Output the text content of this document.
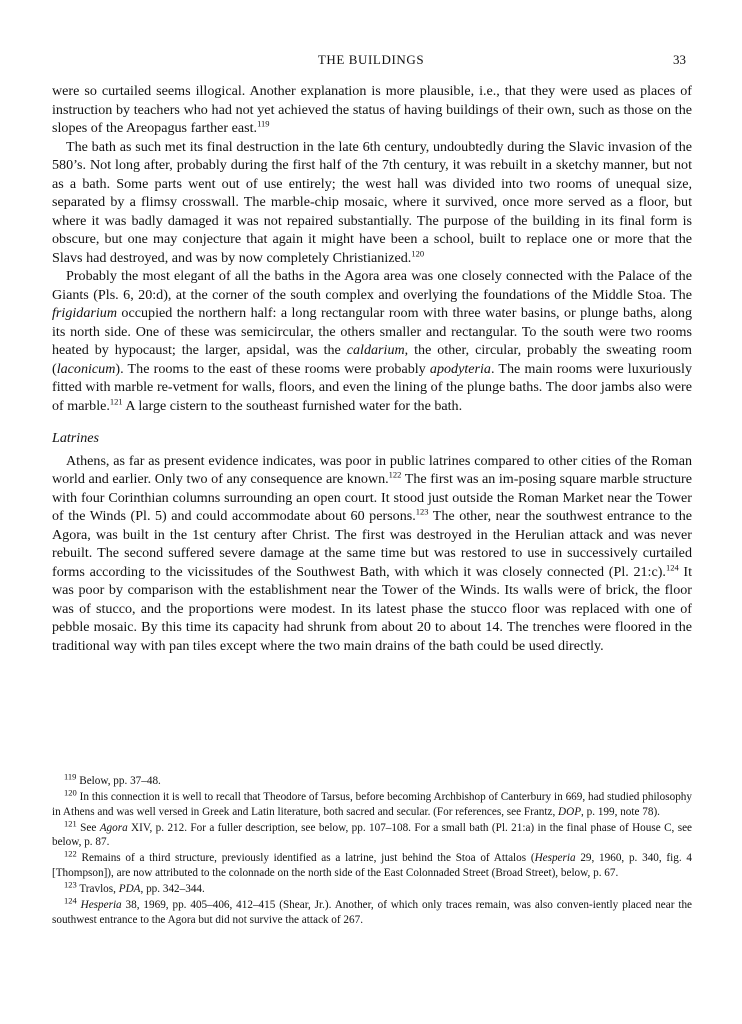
THE BUILDINGS	33

were so curtailed seems illogical. Another explanation is more plausible, i.e., that they were used as places of instruction by teachers who had not yet achieved the status of having buildings of their own, such as those on the slopes of the Areopagus farther east.$^{119}$

The bath as such met its final destruction in the late 6th century, undoubtedly during the Slavic invasion of the 580’s. Not long after, probably during the first half of the 7th century, it was rebuilt in a sketchy manner, but not as a bath. Some parts went out of use entirely; the west hall was divided into two rooms of unequal size, separated by a flimsy crosswall. The marble-chip mosaic, where it survived, once more served as a floor, but where it was badly damaged it was not repaired substantially. The purpose of the building in its final form is obscure, but one may conjecture that again it might have been a school, built to replace one or more that the Slavs had destroyed, and was by now completely Christianized.$^{120}$

Probably the most elegant of all the baths in the Agora area was one closely connected with the Palace of the Giants (Pls. 6, 20:d), at the corner of the south complex and overlying the foundations of the Middle Stoa. The frigidarium occupied the northern half: a long rectangular room with three water basins, or plunge baths, along its north side. One of these was semicircular, the others smaller and rectangular. To the south were two rooms heated by hypocaust; the larger, apsidal, was the caldarium, the other, circular, probably the sweating room (laconicum). The rooms to the east of these rooms were probably apodyteria. The main rooms were luxuriously fitted with marble re-vetment for walls, floors, and even the lining of the plunge baths. The door jambs also were of marble.$^{121}$ A large cistern to the southeast furnished water for the bath.

Latrines

Athens, as far as present evidence indicates, was poor in public latrines compared to other cities of the Roman world and earlier. Only two of any consequence are known.$^{122}$ The first was an im-posing square marble structure with four Corinthian columns surrounding an open court. It stood just outside the Roman Market near the Tower of the Winds (Pl. 5) and could accommodate about 60 persons.$^{123}$ The other, near the southwest entrance to the Agora, was built in the 1st century after Christ. The first was destroyed in the Herulian attack and was never rebuilt. The second suffered severe damage at the same time but was restored to use in successively curtailed forms according to the vicissitudes of the Southwest Bath, with which it was closely connected (Pl. 21:c).$^{124}$ It was poor by comparison with the establishment near the Tower of the Winds. Its walls were of brick, the floor was of stucco, and the proportions were modest. In its latest phase the stucco floor was replaced with one of pebble mosaic. By this time its capacity had shrunk from about 20 to about 14. The trenches were floored in the traditional way with pan tiles except where the two main drains of the bath could be used directly.

$^{119}$ Below, pp. 37–48.

$^{120}$ In this connection it is well to recall that Theodore of Tarsus, before becoming Archbishop of Canterbury in 669, had studied philosophy in Athens and was well versed in Greek and Latin literature, both sacred and secular. (For references, see Frantz, DOP, p. 199, note 78).

$^{121}$ See Agora XIV, p. 212. For a fuller description, see below, pp. 107–108. For a small bath (Pl. 21:a) in the final phase of House C, see below, p. 87.

$^{122}$ Remains of a third structure, previously identified as a latrine, just behind the Stoa of Attalos (Hesperia 29, 1960, p. 340, fig. 4 [Thompson]), are now attributed to the colonnade on the north side of the East Colonnaded Street (Broad Street), below, p. 67.

$^{123}$ Travlos, PDA, pp. 342–344.

$^{124}$ Hesperia 38, 1969, pp. 405–406, 412–415 (Shear, Jr.). Another, of which only traces remain, was also conven-iently placed near the southwest entrance to the Agora but did not survive the attack of 267.
